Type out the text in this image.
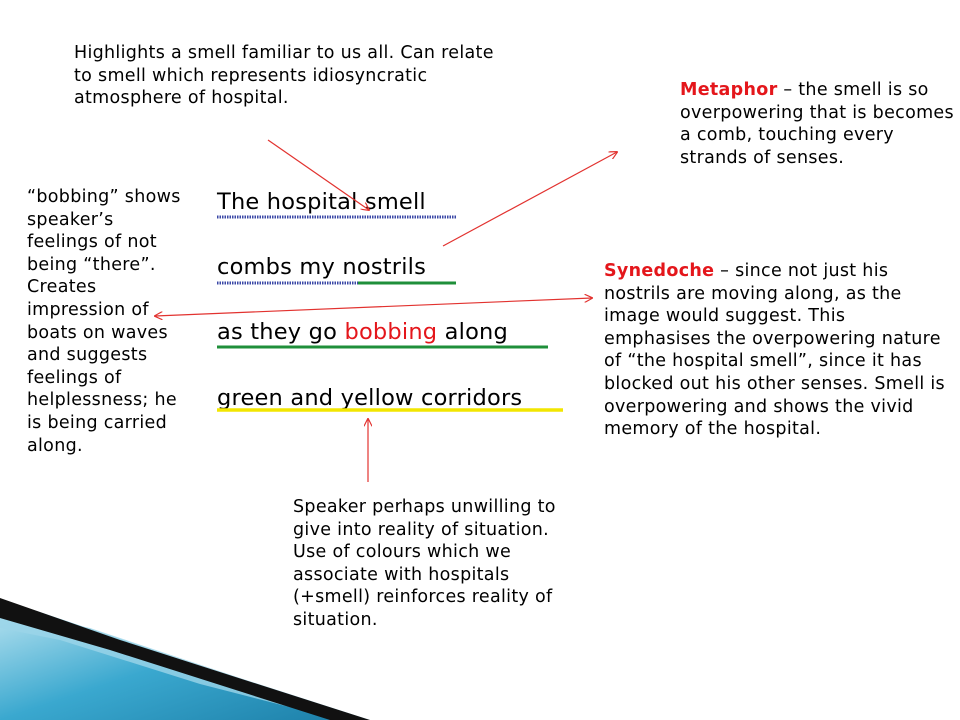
Highlights a smell familiar to us all. Can relate to smell which represents idiosyncratic atmosphere of hospital.	Metaphor – the smell is so overpowering that is becomes a comb, touching every strands of senses.

“bobbing” shows speaker’s feelings of not being “there”. Creates impression of boats on waves and suggests feelings of helplessness; he is being carried along.

Synedoche – since not just his nostrils are moving along, as the image would suggest. This emphasises the overpowering nature of “the hospital smell”, since it has blocked out his other senses. Smell is overpowering and shows the vivid memory of the hospital.

Speaker perhaps unwilling to give into reality of situation. Use of colours which we associate with hospitals (+smell) reinforces reality of situation.

The hospital smell
combs my nostrils
as they go bobbing along
green and yellow corridors
